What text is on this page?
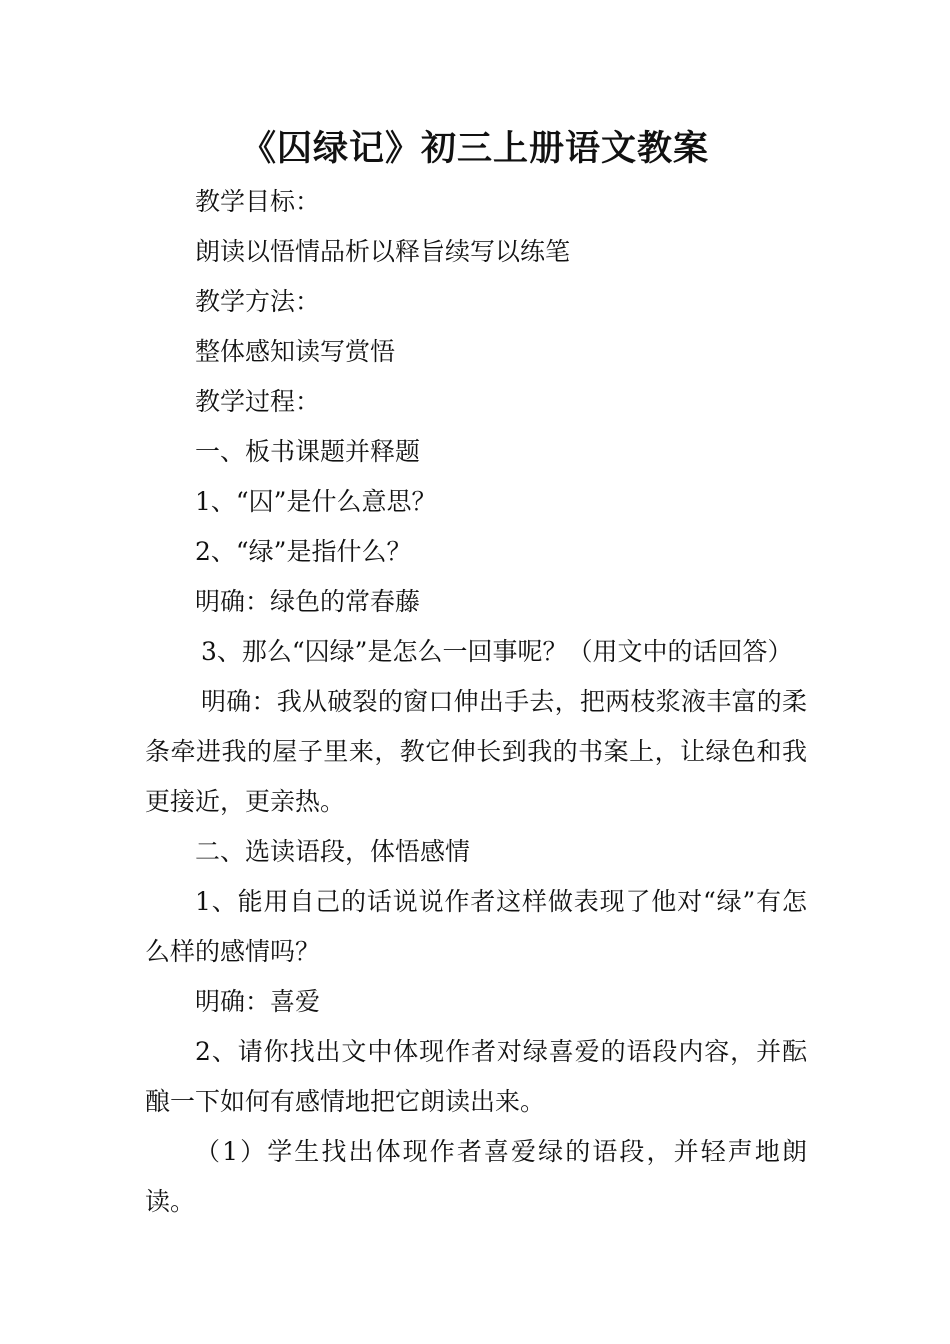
《囚绿记》初三上册语文教案

教学目标：

朗读以悟情品析以释旨续写以练笔

教学方法：

整体感知读写赏悟

教学过程：

一、板书课题并释题

1、“囚”是什么意思？

2、“绿”是指什么？

明确：绿色的常春藤

3、那么“囚绿”是怎么一回事呢？（用文中的话回答）

明确：我从破裂的窗口伸出手去，把两枝浆液丰富的柔条牵进我的屋子里来，教它伸长到我的书案上，让绿色和我更接近，更亲热。

二、选读语段，体悟感情

1、能用自己的话说说作者这样做表现了他对“绿”有怎么样的感情吗？

明确：喜爱

2、请你找出文中体现作者对绿喜爱的语段内容，并酝酿一下如何有感情地把它朗读出来。

（1）学生找出体现作者喜爱绿的语段，并轻声地朗读。
